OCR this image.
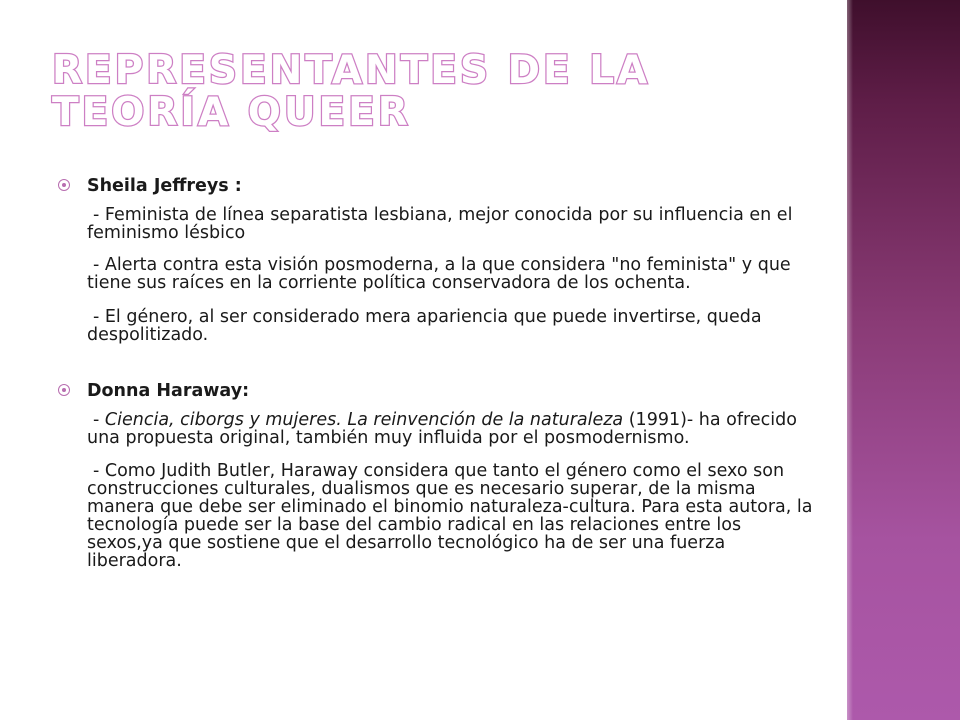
REPRESENTANTES DE LA TEORÍA QUEER
Sheila Jeffreys :

- Feminista de línea separatista lesbiana, mejor conocida por su influencia en el feminismo lésbico

- Alerta contra esta visión posmoderna, a la que considera "no feminista" y que tiene sus raíces en la corriente política conservadora de los ochenta.

- El género, al ser considerado mera apariencia que puede invertirse, queda despolitizado.

Donna Haraway:

- Ciencia, ciborgs y mujeres. La reinvención de la naturaleza (1991)- ha ofrecido una propuesta original, también muy influida por el posmodernismo.

- Como Judith Butler, Haraway considera que tanto el género como el sexo son construcciones culturales, dualismos que es necesario superar, de la misma manera que debe ser eliminado el binomio naturaleza-cultura. Para esta autora, la tecnología puede ser la base del cambio radical en las relaciones entre los sexos,ya que sostiene que el desarrollo tecnológico ha de ser una fuerza liberadora.
